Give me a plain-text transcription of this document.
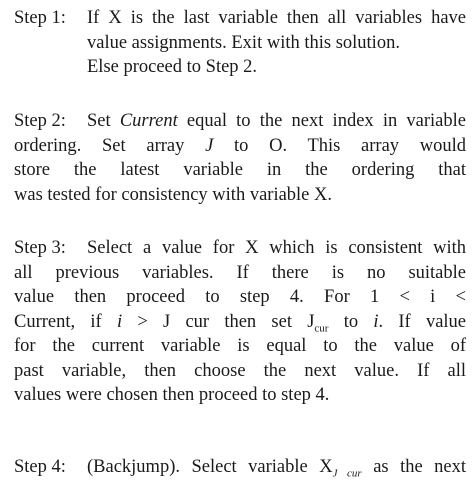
Step 1:	If X is the last variable then all variables have
value assignments. Exit with this solution.
Else proceed to Step 2.
Step 2:	Set Current equal to the next index in variable
ordering. Set array J to O. This array would
store the latest variable in the ordering that
was tested for consistency with variable X.
Step 3:	Select a value for X which is consistent with
all previous variables. If there is no suitable
value then proceed to step 4. For 1 < i <
Current, if i > J cur then set $J_{cur}$ to i. If value
for the current variable is equal to the value of
past variable, then choose the next value. If all
values were chosen then proceed to step 4.
Step 4:	(Backjump). Select variable $X_{J cur}$ as the next
